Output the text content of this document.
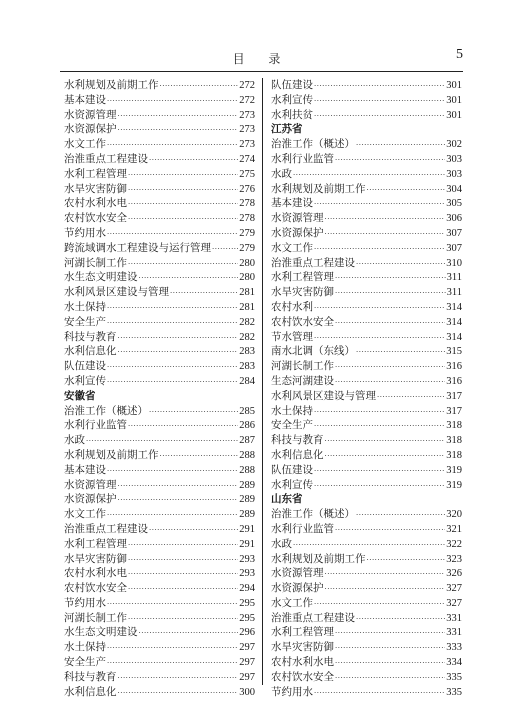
目 录	5
水利规划及前期工作 ·····	272
基本建设 ·····	272
水资源管理 ·····	273
水资源保护 ·····	273
水文工作 ·····	273
治淮重点工程建设 ·····	274
水利工程管理 ·····	275
水旱灾害防御 ·····	276
农村水利水电 ·····	278
农村饮水安全 ·····	278
节约用水 ·····	279
跨流域调水工程建设与运行管理 ·····	279
河湖长制工作 ·····	280
水生态文明建设 ·····	280
水利风景区建设与管理 ·····	281
水土保持 ·····	281
安全生产 ·····	282
科技与教育 ·····	282
水利信息化 ·····	283
队伍建设 ·····	283
水利宣传 ·····	284
安徽省
治淮工作（概述） ·····	285
水利行业监管 ·····	286
水政 ·····	287
水利规划及前期工作 ·····	288
基本建设 ·····	288
水资源管理 ·····	289
水资源保护 ·····	289
水文工作 ·····	289
治淮重点工程建设 ·····	291
水利工程管理 ·····	291
水旱灾害防御 ·····	293
农村水利水电 ·····	293
农村饮水安全 ·····	294
节约用水 ·····	295
河湖长制工作 ·····	295
水生态文明建设 ·····	296
水土保持 ·····	297
安全生产 ·····	297
科技与教育 ·····	297
水利信息化 ·····	300
队伍建设 ·····	301
水利宣传 ·····	301
水利扶贫 ·····	301
江苏省
治淮工作（概述） ·····	302
水利行业监管 ·····	303
水政 ·····	303
水利规划及前期工作 ·····	304
基本建设 ·····	305
水资源管理 ·····	306
水资源保护 ·····	307
水文工作 ·····	307
治淮重点工程建设 ·····	310
水利工程管理 ·····	311
水旱灾害防御 ·····	311
农村水利 ·····	314
农村饮水安全 ·····	314
节水管理 ·····	314
南水北调（东线） ·····	315
河湖长制工作 ·····	316
生态河湖建设 ·····	316
水利风景区建设与管理 ·····	317
水土保持 ·····	317
安全生产 ·····	318
科技与教育 ·····	318
水利信息化 ·····	318
队伍建设 ·····	319
水利宣传 ·····	319
山东省
治淮工作（概述） ·····	320
水利行业监管 ·····	321
水政 ·····	322
水利规划及前期工作 ·····	323
水资源管理 ·····	326
水资源保护 ·····	327
水文工作 ·····	327
治淮重点工程建设 ·····	331
水利工程管理 ·····	331
水旱灾害防御 ·····	333
农村水利水电 ·····	334
农村饮水安全 ·····	335
节约用水 ·····	335
